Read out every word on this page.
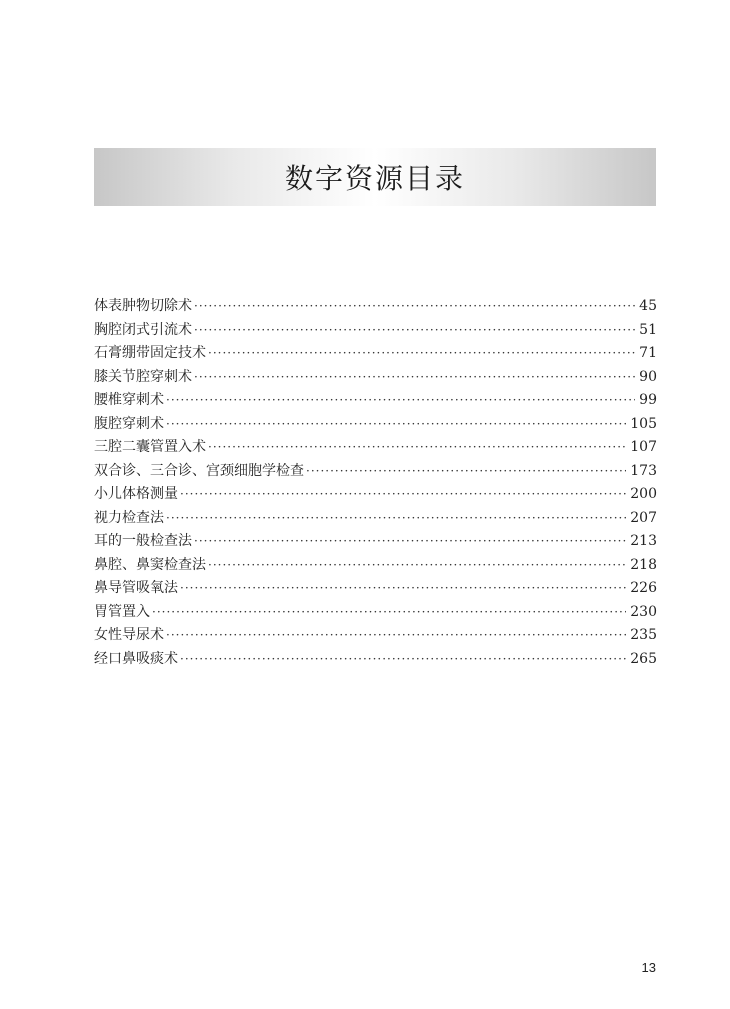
数字资源目录
体表肿物切除术 ·····	45
胸腔闭式引流术 ·····	51
石膏绷带固定技术 ·····	71
膝关节腔穿刺术 ·····	90
腰椎穿刺术 ·····	99
腹腔穿刺术 ·····	105
三腔二囊管置入术 ·····	107
双合诊、三合诊、宫颈细胞学检查 ·····	173
小儿体格测量 ·····	200
视力检查法 ·····	207
耳的一般检查法 ·····	213
鼻腔、鼻窦检查法 ·····	218
鼻导管吸氧法 ·····	226
胃管置入 ·····	230
女性导尿术 ·····	235
经口鼻吸痰术 ·····	265
13
